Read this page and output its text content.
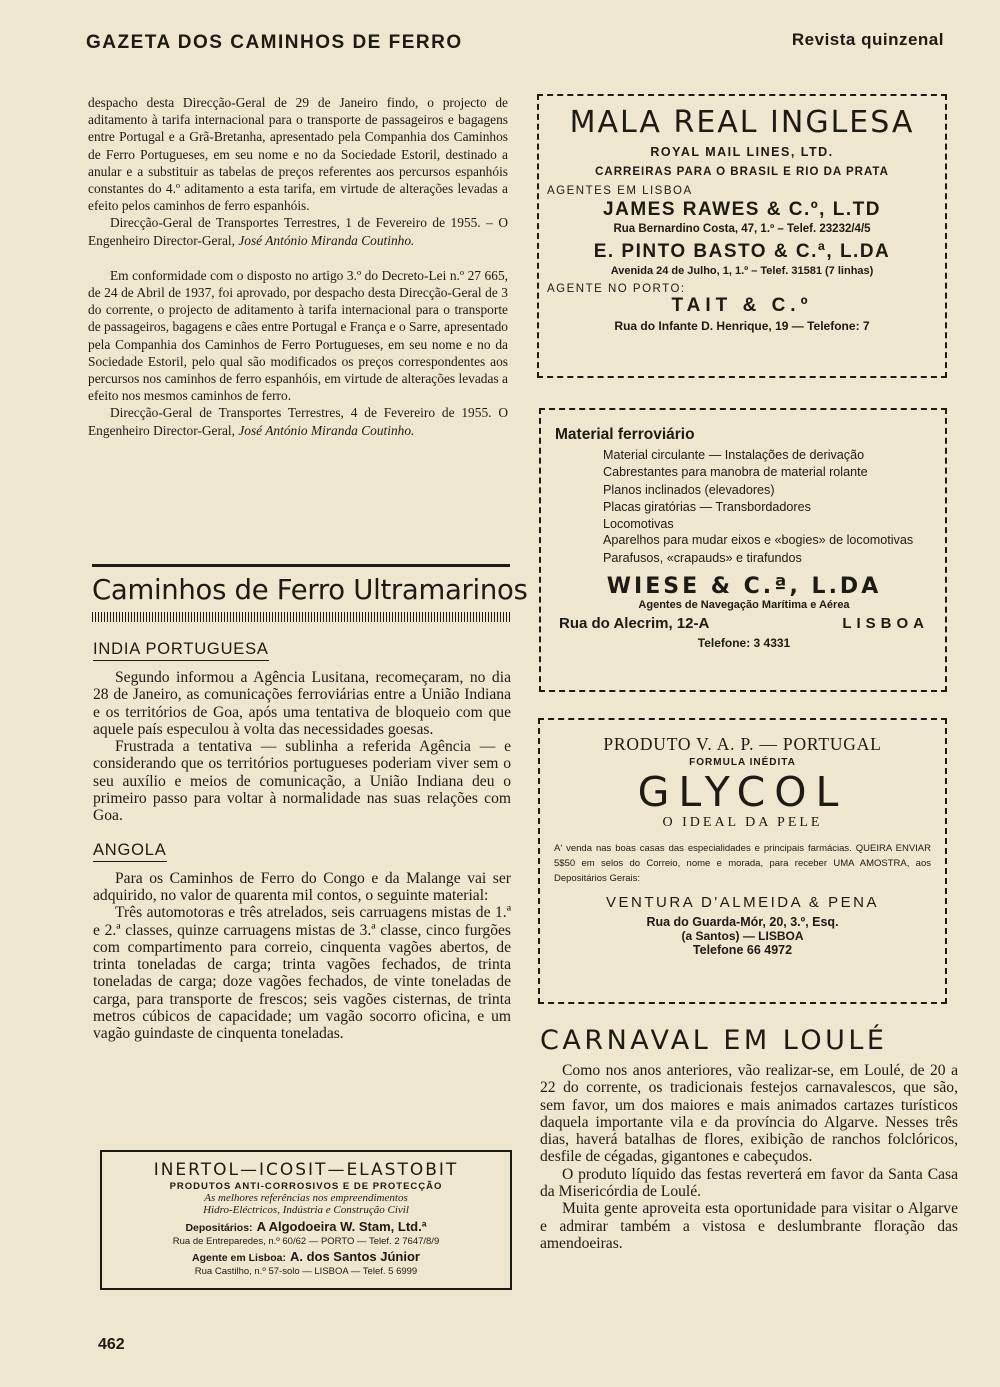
GAZETA DOS CAMINHOS DE FERRO	Revista quinzenal

despacho desta Direcção-Geral de 29 de Janeiro findo, o projecto de aditamento à tarifa internacional para o transporte de passageiros e bagagens entre Portugal e a Grã-Bretanha, apresentado pela Companhia dos Caminhos de Ferro Portugueses, em seu nome e no da Sociedade Estoril, destinado a anular e a substituir as tabelas de preços referentes aos percursos espanhóis constantes do 4.º aditamento a esta tarifa, em virtude de alterações levadas a efeito pelos caminhos de ferro espanhóis.

Direcção-Geral de Transportes Terrestres, 1 de Fevereiro de 1955. – O Engenheiro Director-Geral, José António Miranda Coutinho.

Em conformidade com o disposto no artigo 3.º do Decreto-Lei n.º 27 665, de 24 de Abril de 1937, foi aprovado, por despacho desta Direcção-Geral de 3 do corrente, o projecto de aditamento à tarifa internacional para o transporte de passageiros, bagagens e cães entre Portugal e França e o Sarre, apresentado pela Companhia dos Caminhos de Ferro Portugueses, em seu nome e no da Sociedade Estoril, pelo qual são modificados os preços correspondentes aos percursos nos caminhos de ferro espanhóis, em virtude de alterações levadas a efeito nos mesmos caminhos de ferro.

Direcção-Geral de Transportes Terrestres, 4 de Fevereiro de 1955. O Engenheiro Director-Geral, José António Miranda Coutinho.

Caminhos de Ferro Ultramarinos
INDIA PORTUGUESA

Segundo informou a Agência Lusitana, recomeçaram, no dia 28 de Janeiro, as comunicações ferroviárias entre a União Indiana e os territórios de Goa, após uma tentativa de bloqueio com que aquele país especulou à volta das necessidades goesas.

Frustrada a tentativa — sublinha a referida Agência — e considerando que os territórios portugueses poderiam viver sem o seu auxílio e meios de comunicação, a União Indiana deu o primeiro passo para voltar à normalidade nas suas relações com Goa.

ANGOLA

Para os Caminhos de Ferro do Congo e da Malange vai ser adquirido, no valor de quarenta mil contos, o seguinte material:

Três automotoras e três atrelados, seis carruagens mistas de 1.ª e 2.ª classes, quinze carruagens mistas de 3.ª classe, cinco furgões com compartimento para correio, cinquenta vagões abertos, de trinta toneladas de carga; trinta vagões fechados, de trinta toneladas de carga; doze vagões fechados, de vinte toneladas de carga, para transporte de frescos; seis vagões cisternas, de trinta metros cúbicos de capacidade; um vagão socorro oficina, e um vagão guindaste de cinquenta toneladas.

INERTOL—ICOSIT—ELASTOBIT
PRODUTOS ANTI-CORROSIVOS E DE PROTECÇÃO
As melhores referências nos empreendimentos
Hidro-Eléctricos, Indústria e Construção Civil
Depositários: A Algodoeira W. Stam, Ltd.ª
Rua de Entreparedes, n.º 60/62 — PORTO — Telef. 2 7647/8/9
Agente em Lisboa: A. dos Santos Júnior
Rua Castilho, n.º 57-solo — LISBOA — Telef. 5 6999
462
MALA REAL INGLESA
ROYAL MAIL LINES, LTD.
CARREIRAS PARA O BRASIL E RIO DA PRATA
AGENTES EM LISBOA
JAMES RAWES & C.º, L.TD
Rua Bernardino Costa, 47, 1.º – Telef. 23232/4/5
E. PINTO BASTO & C.ª, L.DA
Avenida 24 de Julho, 1, 1.º – Telef. 31581 (7 linhas)
AGENTE NO PORTO:
TAIT & C.º
Rua do Infante D. Henrique, 19 — Telefone: 7
Material ferroviário
Material circulante — Instalações de derivação
Cabrestantes para manobra de material rolante
Planos inclinados (elevadores)
Placas giratórias — Transbordadores
Locomotivas
Aparelhos para mudar eixos e «bogies» de locomotivas
Parafusos, «crapauds» e tirafundos
WIESE & C.ª, L.DA
Agentes de Navegação Marítima e Aérea
Rua do Alecrim, 12-A	LISBOA
Telefone: 3 4331
PRODUTO V. A. P. — PORTUGAL
FORMULA INÉDITA
GLYCOL
O IDEAL DA PELE
A' venda nas boas casas das especialidades e principais farmácias. QUEIRA ENVIAR 5$50 em selos do Correio, nome e morada, para receber UMA AMOSTRA, aos Depositários Gerais:
VENTURA D'ALMEIDA & PENA
Rua do Guarda-Mór, 20, 3.º, Esq.
(a Santos) — LISBOA
Telefone 66 4972
CARNAVAL EM LOULÉ

Como nos anos anteriores, vão realizar-se, em Loulé, de 20 a 22 do corrente, os tradicionais festejos carnavalescos, que são, sem favor, um dos maiores e mais animados cartazes turísticos daquela importante vila e da província do Algarve. Nesses três dias, haverá batalhas de flores, exibição de ranchos folclóricos, desfile de cégadas, gigantones e cabeçudos.

O produto líquido das festas reverterá em favor da Santa Casa da Misericórdia de Loulé.

Muita gente aproveita esta oportunidade para visitar o Algarve e admirar também a vistosa e deslumbrante floração das amendoeiras.
